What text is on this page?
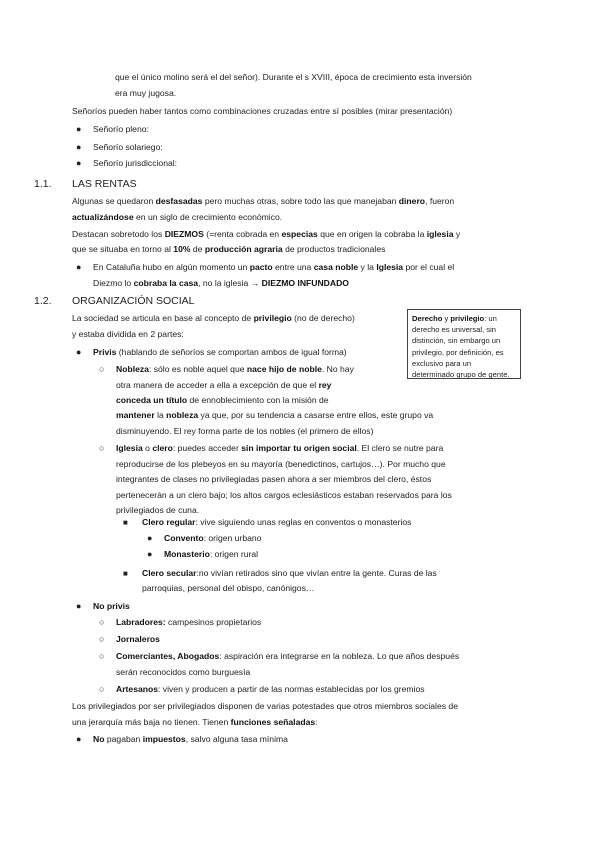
que el único molino será el del señor). Durante el s XVIII, época de crecimiento esta inversión

era muy jugosa.

Señoríos pueden haber tantos como combinaciones cruzadas entre sí posibles (mirar presentación)

● Señorío pleno:

● Señorío solariego:

● Señorío jurisdiccional:

1.1. LAS RENTAS

Algunas se quedaron desfasadas pero muchas otras, sobre todo las que manejaban dinero, fueron

actualizándose en un siglo de crecimiento económico.

Destacan sobretodo los DIEZMOS (=renta cobrada en especias que en origen la cobraba la iglesia y

que se situaba en torno al 10% de producción agraria de productos tradicionales

● En Cataluña hubo en algún momento un pacto entre una casa noble y la Iglesia por el cual el

Diezmo lo cobraba la casa, no la iglesia → DIEZMO INFUNDADO

1.2. ORGANIZACIÓN SOCIAL

La sociedad se articula en base al concepto de privilegio (no de derecho)

y estaba dividida en 2 partes:

Derecho y privilegio: un

derecho es universal, sin

distinción, sin embargo un

privilegio, por definición, es

exclusivo para un

determinado grupo de gente.

● Privis (hablando de señoríos se comportan ambos de igual forma)

○ Nobleza: sólo es noble aquel que nace hijo de noble. No hay

otra manera de acceder a ella a excepción de que el rey

conceda un título de ennoblecimiento con la misión de

mantener la nobleza ya que, por su tendencia a casarse entre ellos, este grupo va

disminuyendo. El rey forma parte de los nobles (el primero de ellos)

○ Iglesia o clero: puedes acceder sin importar tu origen social. El clero se nutre para

reproducirse de los plebeyos en su mayoría (benedictinos, cartujos…). Por mucho que

integrantes de clases no privilegiadas pasen ahora a ser miembros del clero, éstos

pertenecerán a un clero bajo; los altos cargos eclesiásticos estaban reservados para los

privilegiados de cuna.

■ Clero regular: vive siguiendo unas reglas en conventos o monasterios

● Convento: origen urbano

● Monasterio: origen rural

■ Clero secular:no vivían retirados sino que vivían entre la gente. Curas de las

parroquias, personal del obispo, canónigos…

● No privis

○ Labradores: campesinos propietarios

○ Jornaleros

○ Comerciantes, Abogados: aspiración era integrarse en la nobleza. Lo que años después

serán reconocidos como burguesía

○ Artesanos: viven y producen a partir de las normas establecidas por los gremios

Los privilegiados por ser privilegiados disponen de varias potestades que otros miembros sociales de

una jerarquía más baja no tienen. Tienen funciones señaladas:

● No pagaban impuestos, salvo alguna tasa mínima
